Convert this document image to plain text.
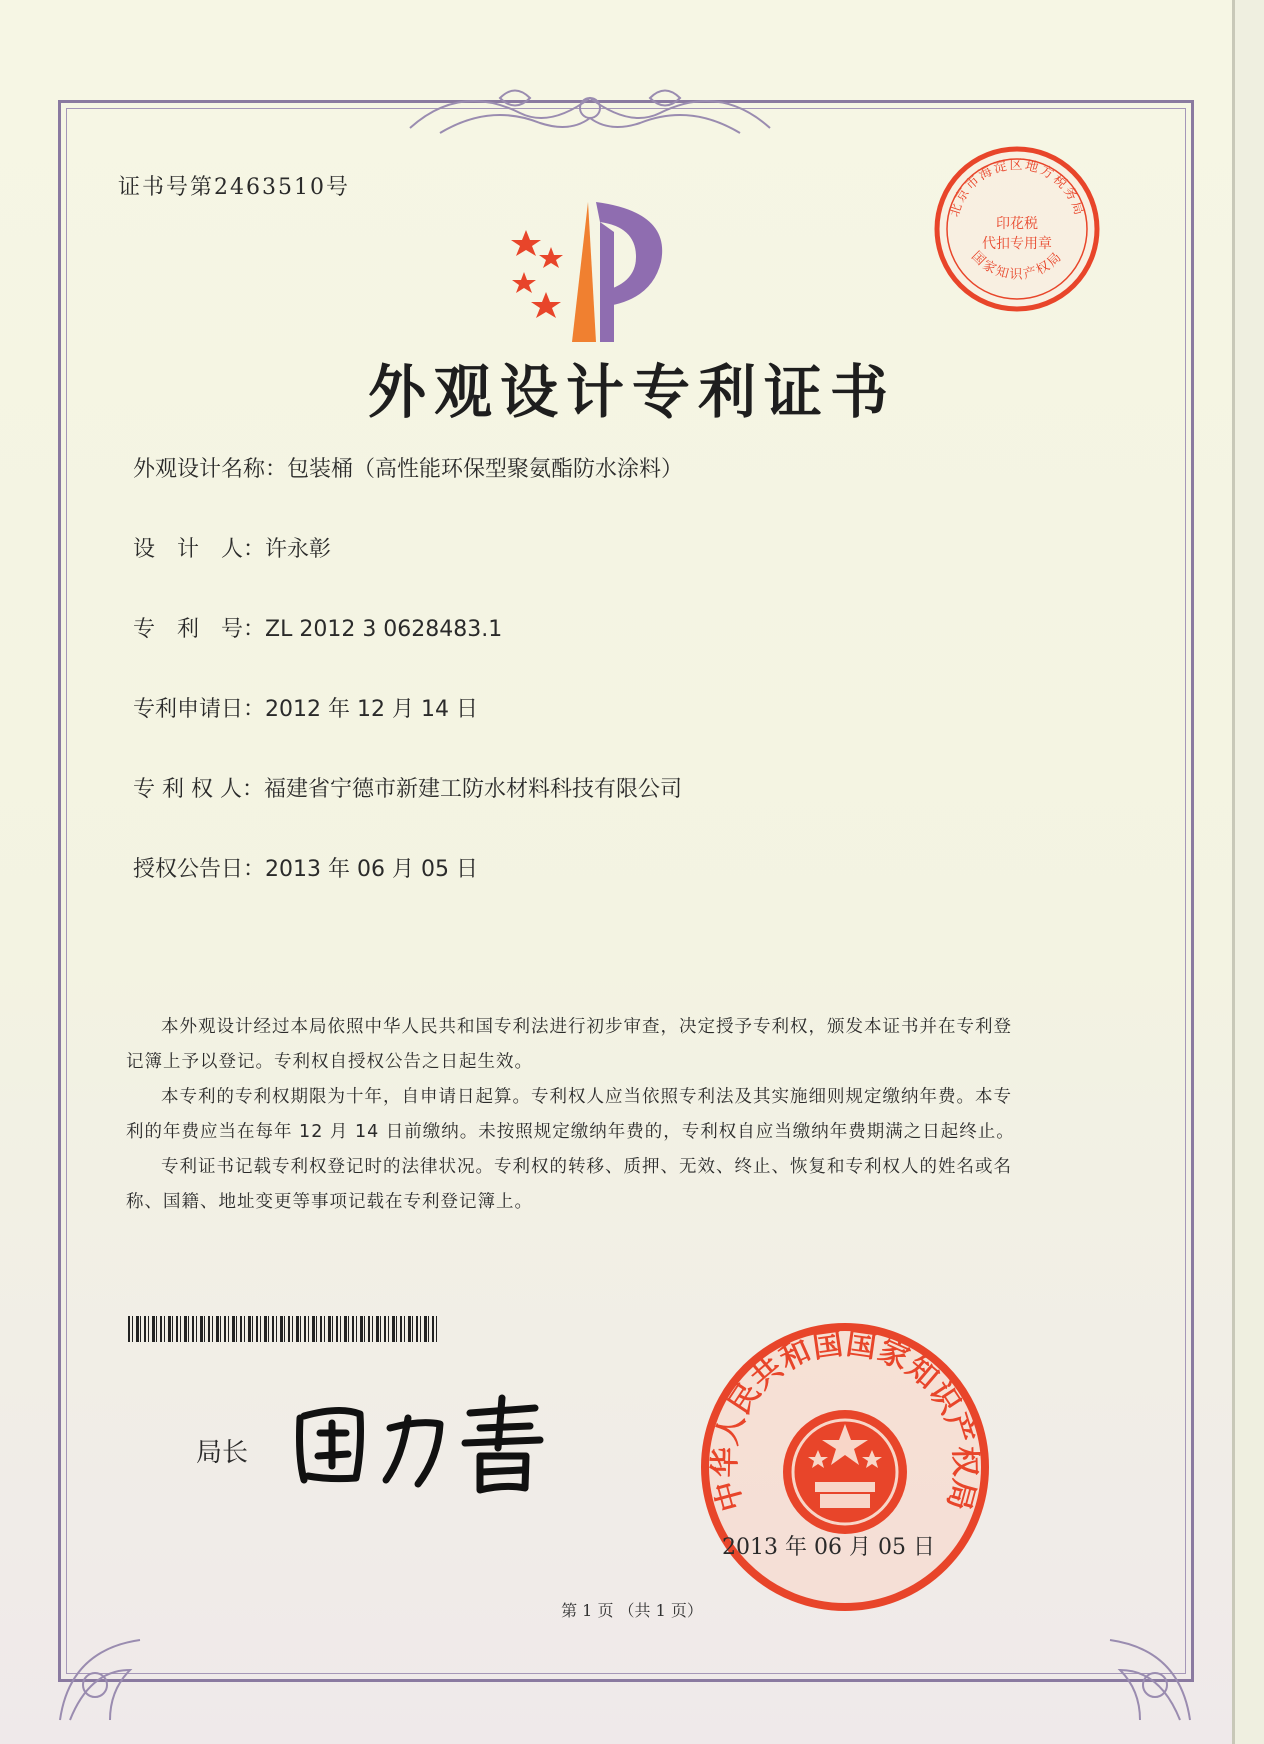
证书号第2463510号
北京市海淀区地方税务局
印花税
代扣专用章
国家知识产权局
外观设计专利证书
外观设计名称：包装桶（高性能环保型聚氨酯防水涂料）
设　计　人：许永彰
专　利　号：ZL 2012 3 0628483.1
专利申请日：2012 年 12 月 14 日
专 利 权 人：福建省宁德市新建工防水材料科技有限公司
授权公告日：2013 年 06 月 05 日

本外观设计经过本局依照中华人民共和国专利法进行初步审查，决定授予专利权，颁发本证书并在专利登记簿上予以登记。专利权自授权公告之日起生效。

本专利的专利权期限为十年，自申请日起算。专利权人应当依照专利法及其实施细则规定缴纳年费。本专利的年费应当在每年 12 月 14 日前缴纳。未按照规定缴纳年费的，专利权自应当缴纳年费期满之日起终止。

专利证书记载专利权登记时的法律状况。专利权的转移、质押、无效、终止、恢复和专利权人的姓名或名称、国籍、地址变更等事项记载在专利登记簿上。

局长
中华人民共和国国家知识产权局
2013 年 06 月 05 日
第 1 页 （共 1 页）
